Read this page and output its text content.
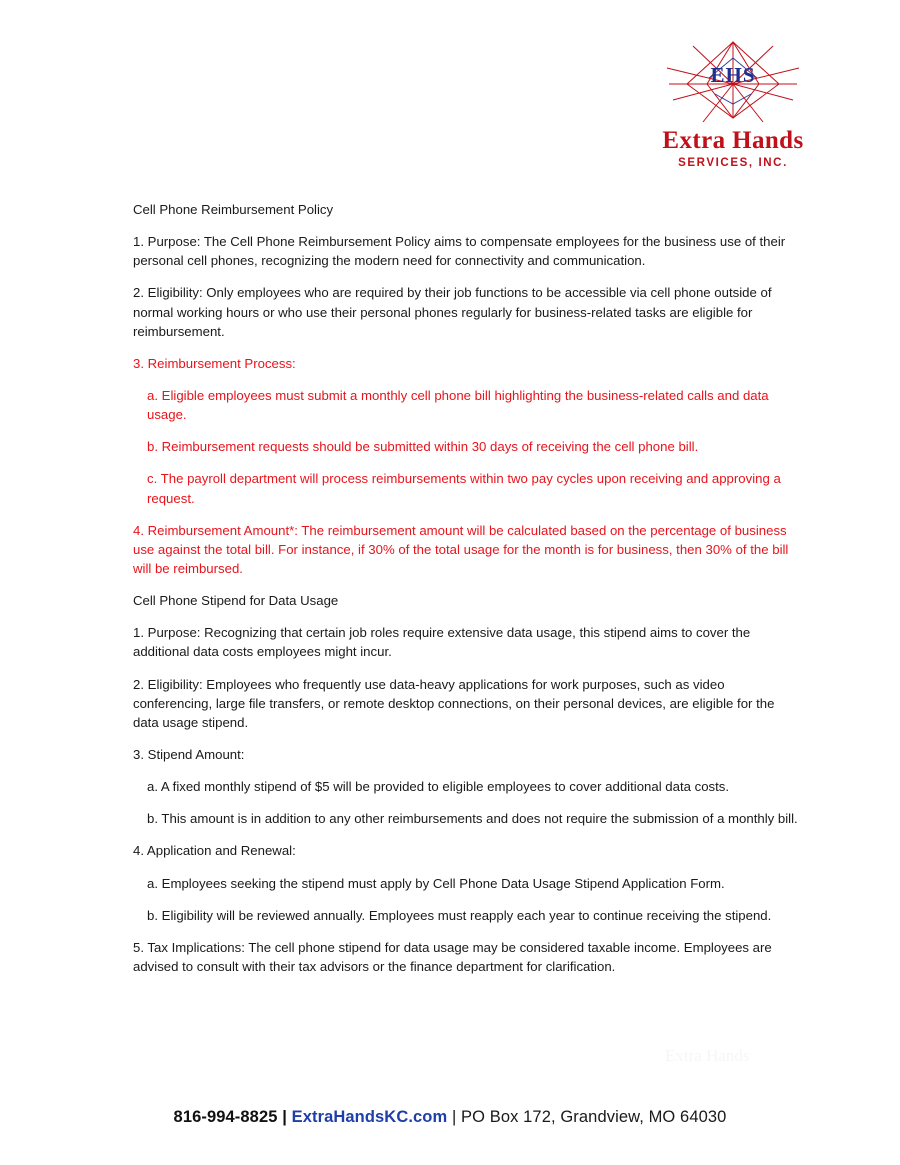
EHS
Extra Hands
SERVICES, INC.

Cell Phone Reimbursement Policy

1. Purpose: The Cell Phone Reimbursement Policy aims to compensate employees for the business use of their personal cell phones, recognizing the modern need for connectivity and communication.

2. Eligibility: Only employees who are required by their job functions to be accessible via cell phone outside of normal working hours or who use their personal phones regularly for business-related tasks are eligible for reimbursement.

3. Reimbursement Process:

a. Eligible employees must submit a monthly cell phone bill highlighting the business-related calls and data usage.

b. Reimbursement requests should be submitted within 30 days of receiving the cell phone bill.

c. The payroll department will process reimbursements within two pay cycles upon receiving and approving a request.

4. Reimbursement Amount*: The reimbursement amount will be calculated based on the percentage of business use against the total bill. For instance, if 30% of the total usage for the month is for business, then 30% of the bill will be reimbursed.

Cell Phone Stipend for Data Usage

1. Purpose: Recognizing that certain job roles require extensive data usage, this stipend aims to cover the additional data costs employees might incur.

2. Eligibility: Employees who frequently use data-heavy applications for work purposes, such as video conferencing, large file transfers, or remote desktop connections, on their personal devices, are eligible for the data usage stipend.

3. Stipend Amount:

a. A fixed monthly stipend of $5 will be provided to eligible employees to cover additional data costs.

b. This amount is in addition to any other reimbursements and does not require the submission of a monthly bill.

4. Application and Renewal:

a. Employees seeking the stipend must apply by Cell Phone Data Usage Stipend Application Form.

b. Eligibility will be reviewed annually. Employees must reapply each year to continue receiving the stipend.

5. Tax Implications: The cell phone stipend for data usage may be considered taxable income. Employees are advised to consult with their tax advisors or the finance department for clarification.

Extra Hands
816-994-8825 | ExtraHandsKC.com | PO Box 172, Grandview, MO 64030
